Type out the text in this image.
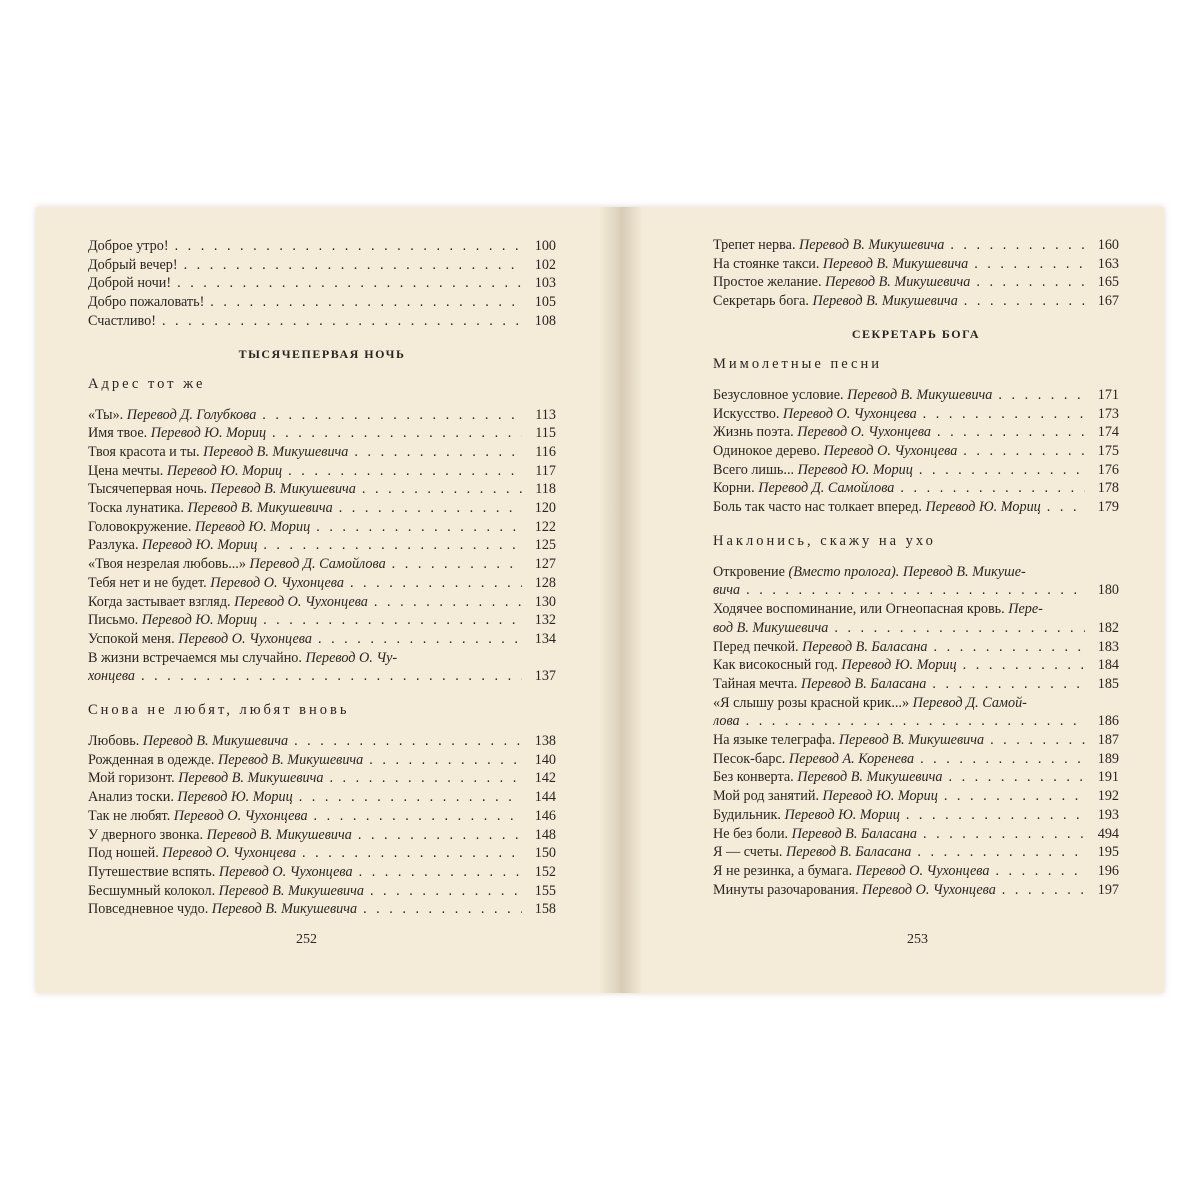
Доброе утро! . . .	100
Добрый вечер! . . .	102
Доброй ночи! . . .	103
Добро пожаловать! . . .	105
Счастливо! . . .	108
ТЫСЯЧЕПЕРВАЯ НОЧЬ
Адрес тот же
«Ты». Перевод Д. Голубкова . . .	113
Имя твое. Перевод Ю. Мориц . . .	115
Твоя красота и ты. Перевод В. Микушевича . . .	116
Цена мечты. Перевод Ю. Мориц . . .	117
Тысячепервая ночь. Перевод В. Микушевича . . .	118
Тоска лунатика. Перевод В. Микушевича . . .	120
Головокружение. Перевод Ю. Мориц . . .	122
Разлука. Перевод Ю. Мориц . . .	125
«Твоя незрелая любовь...» Перевод Д. Самойлова . . .	127
Тебя нет и не будет. Перевод О. Чухонцева . . .	128
Когда застывает взгляд. Перевод О. Чухонцева . . .	130
Письмо. Перевод Ю. Мориц . . .	132
Успокой меня. Перевод О. Чухонцева . . .	134
В жизни встречаемся мы случайно. Перевод О. Чу-
хонцева . . .	137
Снова не любят, любят вновь
Любовь. Перевод В. Микушевича . . .	138
Рожденная в одежде. Перевод В. Микушевича . . .	140
Мой горизонт. Перевод В. Микушевича . . .	142
Анализ тоски. Перевод Ю. Мориц . . .	144
Так не любят. Перевод О. Чухонцева . . .	146
У дверного звонка. Перевод В. Микушевича . . .	148
Под ношей. Перевод О. Чухонцева . . .	150
Путешествие вспять. Перевод О. Чухонцева . . .	152
Бесшумный колокол. Перевод В. Микушевича . . .	155
Повседневное чудо. Перевод В. Микушевича . . .	158
252
Трепет нерва. Перевод В. Микушевича . . .	160
На стоянке такси. Перевод В. Микушевича . . .	163
Простое желание. Перевод В. Микушевича . . .	165
Секретарь бога. Перевод В. Микушевича . . .	167
СЕКРЕТАРЬ БОГА
Мимолетные песни
Безусловное условие. Перевод В. Микушевича . . .	171
Искусство. Перевод О. Чухонцева . . .	173
Жизнь поэта. Перевод О. Чухонцева . . .	174
Одинокое дерево. Перевод О. Чухонцева . . .	175
Всего лишь... Перевод Ю. Мориц . . .	176
Корни. Перевод Д. Самойлова . . .	178
Боль так часто нас толкает вперед. Перевод Ю. Мориц . . .	179
Наклонись, скажу на ухо
Откровение (Вместо пролога). Перевод В. Микуше-
вича . . .	180
Ходячее воспоминание, или Огнеопасная кровь. Пере-
вод В. Микушевича . . .	182
Перед печкой. Перевод В. Баласана . . .	183
Как високосный год. Перевод Ю. Мориц . . .	184
Тайная мечта. Перевод В. Баласана . . .	185
«Я слышу розы красной крик...» Перевод Д. Самой-
лова . . .	186
На языке телеграфа. Перевод В. Микушевича . . .	187
Песок-барс. Перевод А. Коренева . . .	189
Без конверта. Перевод В. Микушевича . . .	191
Мой род занятий. Перевод Ю. Мориц . . .	192
Будильник. Перевод Ю. Мориц . . .	193
Не без боли. Перевод В. Баласана . . .	494
Я — счеты. Перевод В. Баласана . . .	195
Я не резинка, а бумага. Перевод О. Чухонцева . . .	196
Минуты разочарования. Перевод О. Чухонцева . . .	197
253
